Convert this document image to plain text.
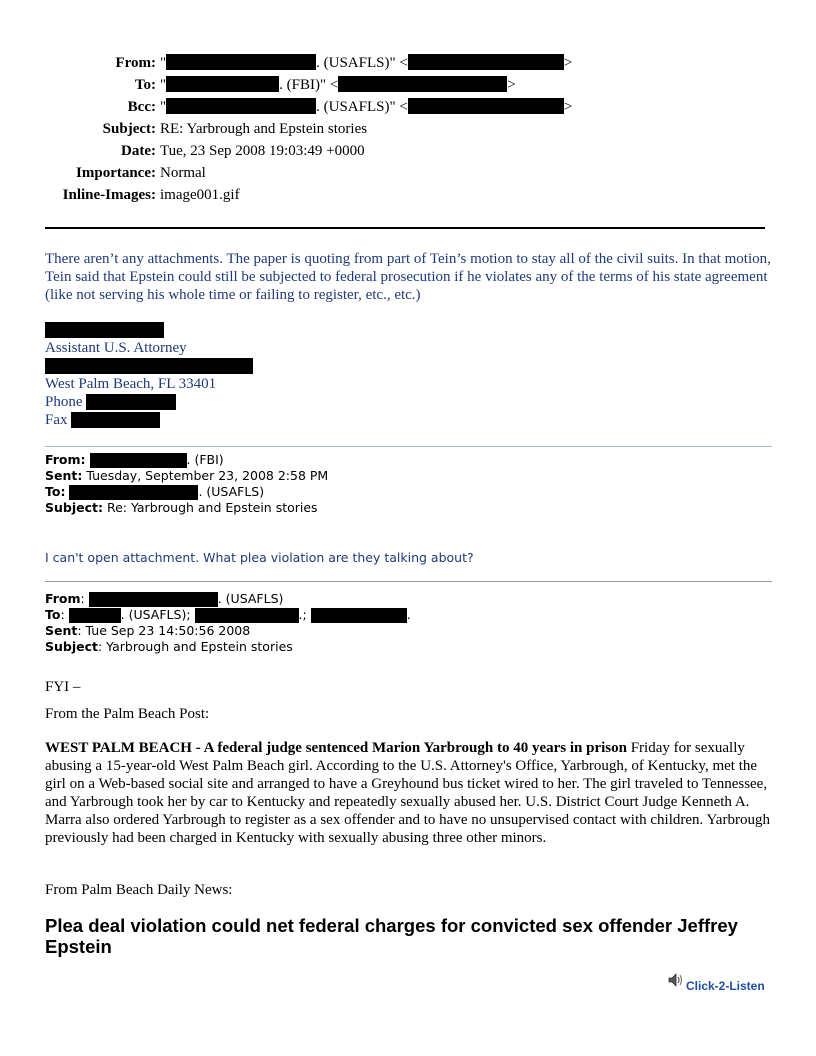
From: "	. (USAFLS)" <	>
To: "	. (FBI)" <	>
Bcc: "	. (USAFLS)" <	>
Subject: RE: Yarbrough and Epstein stories
Date: Tue, 23 Sep 2008 19:03:49 +0000
Importance: Normal
Inline-Images: image001.gif
There aren’t any attachments. The paper is quoting from part of Tein’s motion to stay all of the civil suits. In that motion, Tein said that Epstein could still be subjected to federal prosecution if he violates any of the terms of his state agreement (like not serving his whole time or failing to register, etc., etc.)
Assistant U.S. Attorney
West Palm Beach, FL 33401
Phone

Fax

From:
	. (FBI)
Sent:
Tuesday, September 23, 2008 2:58 PM
To:
	. (USAFLS)
Subject:
Re: Yarbrough and Epstein stories
I can't open attachment. What plea violation are they talking about?
From :
	. (USAFLS)
To :
	. (USAFLS);
	.;
	.
Sent : Tue Sep 23 14:50:56 2008
Subject : Yarbrough and Epstein stories
FYI –
From the Palm Beach Post:
WEST PALM BEACH - A federal judge sentenced Marion Yarbrough to 40 years in prison Friday for sexually abusing a 15-year-old West Palm Beach girl. According to the U.S. Attorney's Office, Yarbrough, of Kentucky, met the girl on a Web-based social site and arranged to have a Greyhound bus ticket wired to her. The girl traveled to Tennessee, and Yarbrough took her by car to Kentucky and repeatedly sexually abused her. U.S. District Court Judge Kenneth A. Marra also ordered Yarbrough to register as a sex offender and to have no unsupervised contact with children. Yarbrough previously had been charged in Kentucky with sexually abusing three other minors.
From Palm Beach Daily News:
Plea deal violation could net federal charges for convicted sex offender Jeffrey Epstein
Click-2-Listen
